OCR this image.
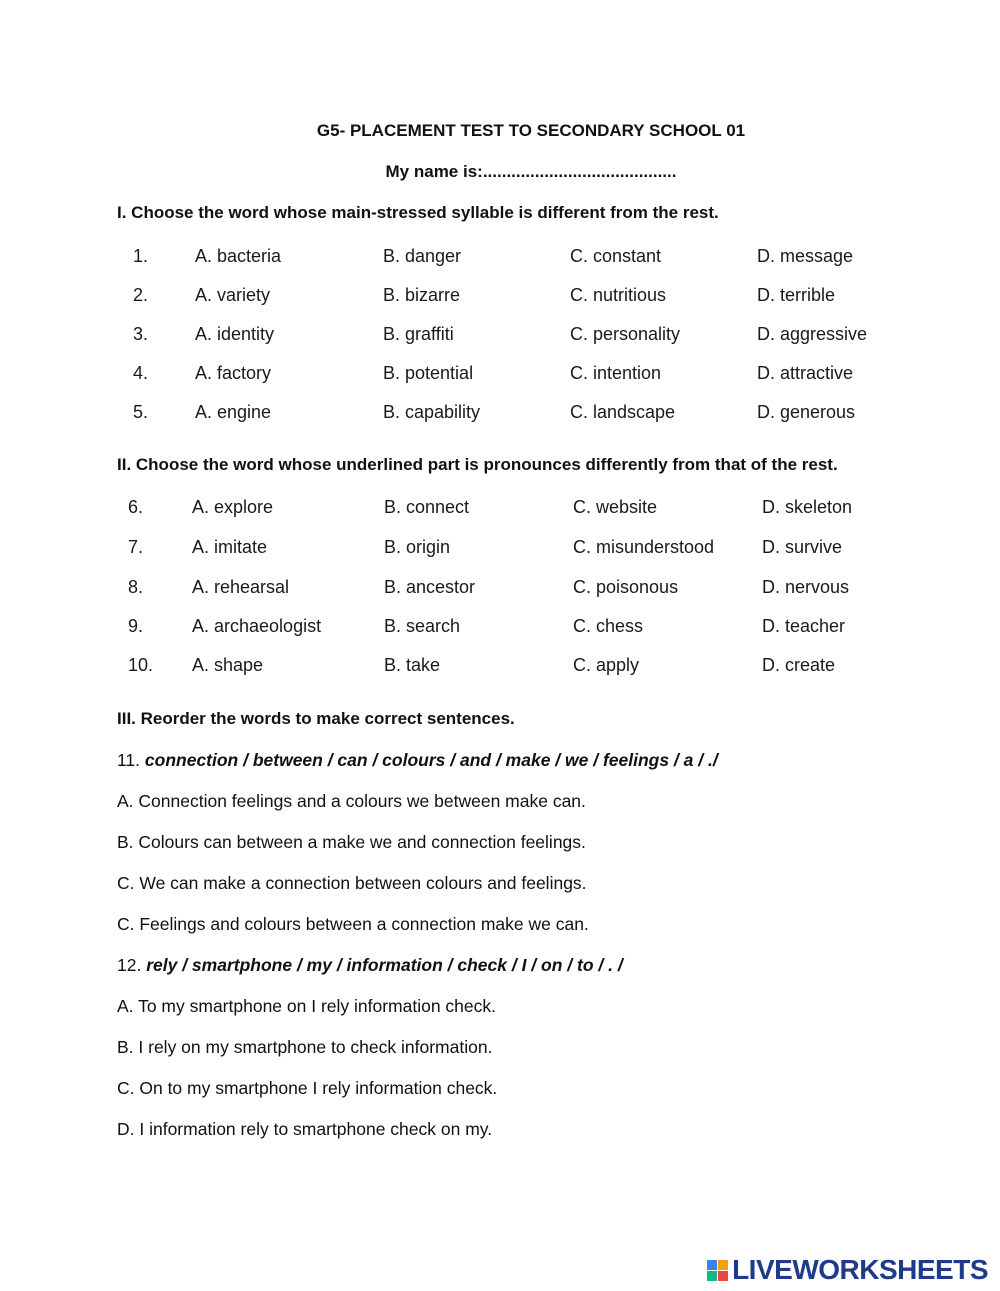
G5- PLACEMENT TEST TO SECONDARY SCHOOL 01
My name is:.........................................
I. Choose the word whose main-stressed syllable is different from the rest.
1.	A. bacteria	B. danger	C. constant	D. message
2.	A. variety	B. bizarre	C. nutritious	D. terrible
3.	A. identity	B. graffiti	C. personality	D. aggressive
4.	A. factory	B. potential	C. intention	D. attractive
5.	A. engine	B. capability	C. landscape	D. generous
II. Choose the word whose underlined part is pronounces differently from that of the rest.
6.	A. explore	B. connect	C. website	D. skeleton
7.	A. imitate	B. origin	C. misunderstood	D. survive
8.	A. rehearsal	B. ancestor	C. poisonous	D. nervous
9.	A. archaeologist	B. search	C. chess	D. teacher
10. A. shape	B. take	C. apply	D. create
III. Reorder the words to make correct sentences.
11. connection / between / can / colours / and / make / we / feelings / a / ./
A. Connection feelings and a colours we between make can.
B. Colours can between a make we and connection feelings.
C. We can make a connection between colours and feelings.
C. Feelings and colours between a connection make we can.
12. rely / smartphone / my / information / check / I / on / to / . /
A. To my smartphone on I rely information check.
B. I rely on my smartphone to check information.
C. On to my smartphone I rely information check.
D. I information rely to smartphone check on my.
LIVEWORKSHEETS
